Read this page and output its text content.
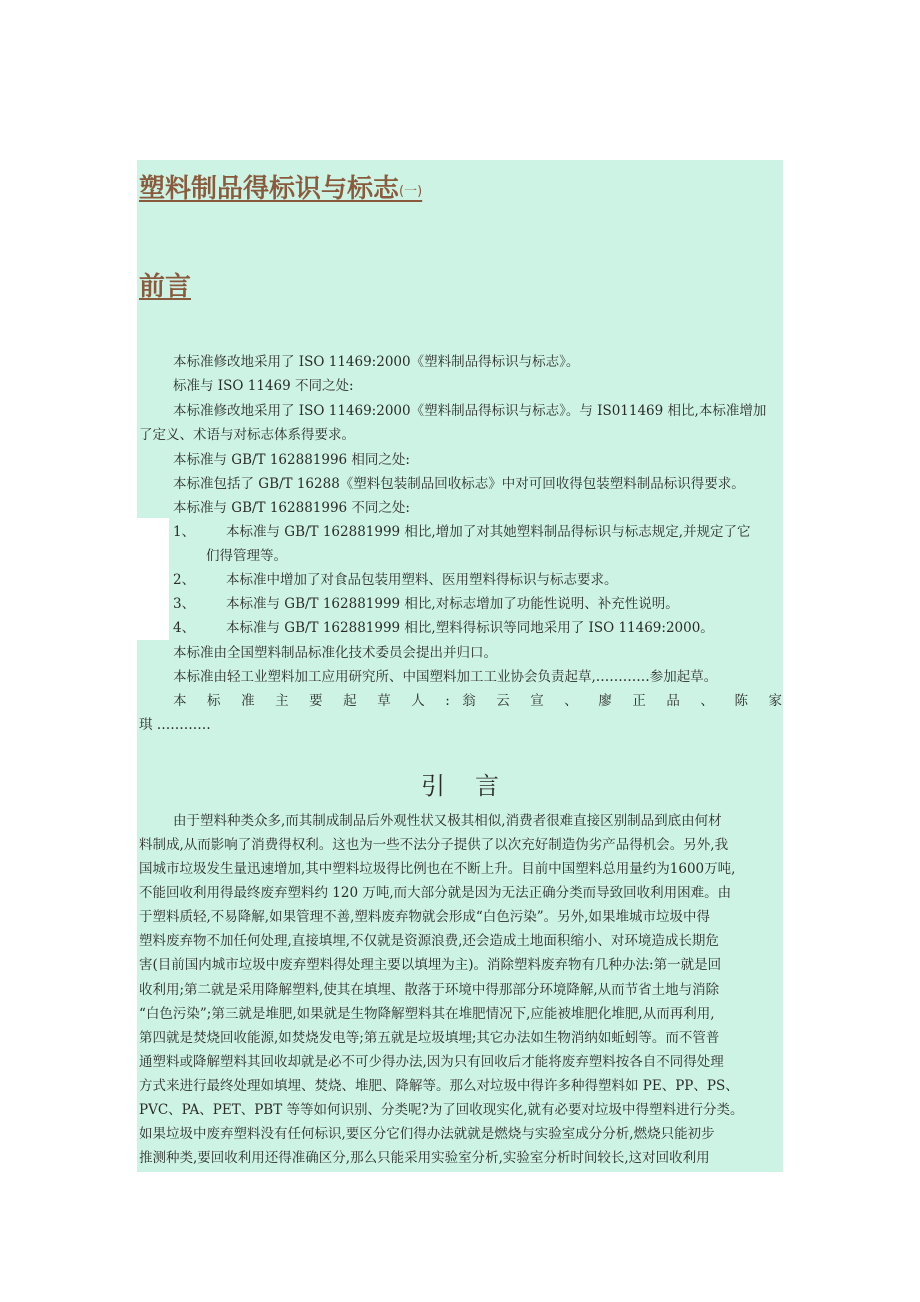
塑料制品得标识与标志(一)
前言
本标准修改地采用了 ISO 11469:2000《塑料制品得标识与标志》。
标准与 ISO 11469 不同之处:
本标准修改地采用了 ISO 11469:2000《塑料制品得标识与标志》。与 IS011469 相比,本标准增加
了定义、术语与对标志体系得要求。
本标准与 GB/T 162881996 相同之处:
本标准包括了 GB/T 16288《塑料包装制品回收标志》中对可回收得包装塑料制品标识得要求。
本标准与 GB/T 162881996 不同之处:
1、 本标准与 GB/T 162881999 相比,增加了对其她塑料制品得标识与标志规定,并规定了它
们得管理等。
2、 本标准中增加了对食品包装用塑料、医用塑料得标识与标志要求。
3、 本标准与 GB/T 162881999 相比,对标志增加了功能性说明、补充性说明。
4、 本标准与 GB/T 162881999 相比,塑料得标识等同地采用了 ISO 11469:2000。
本标准由全国塑料制品标准化技术委员会提出并归口。
本标准由轻工业塑料加工应用研究所、中国塑料加工工业协会负责起草,…………参加起草。
本 标 准 主 要 起 草 人 : 翁 云 宣 、 廖 正 品 、 陈 家
琪 …………
引言
由于塑料种类众多,而其制成制品后外观性状又极其相似,消费者很难直接区别制品到底由何材
料制成,从而影响了消费得权利。这也为一些不法分子提供了以次充好制造伪劣产品得机会。另外,我
国城市垃圾发生量迅速增加,其中塑料垃圾得比例也在不断上升。目前中国塑料总用量约为1600万吨,
不能回收利用得最终废弃塑料约 120 万吨,而大部分就是因为无法正确分类而导致回收利用困难。由
于塑料质轻,不易降解,如果管理不善,塑料废弃物就会形成“白色污染”。另外,如果堆城市垃圾中得
塑料废弃物不加任何处理,直接填埋,不仅就是资源浪费,还会造成土地面积缩小、对环境造成长期危
害(目前国内城市垃圾中废弃塑料得处理主要以填埋为主)。消除塑料废弃物有几种办法:第一就是回
收利用;第二就是采用降解塑料,使其在填埋、散落于环境中得那部分环境降解,从而节省土地与消除
“白色污染”;第三就是堆肥,如果就是生物降解塑料其在堆肥情况下,应能被堆肥化堆肥,从而再利用,
第四就是焚烧回收能源,如焚烧发电等;第五就是垃圾填埋;其它办法如生物消纳如蚯蚓等。而不管普
通塑料或降解塑料其回收却就是必不可少得办法,因为只有回收后才能将废弃塑料按各自不同得处理
方式来进行最终处理如填埋、焚烧、堆肥、降解等。那么对垃圾中得许多种得塑料如 PE、PP、PS、
PVC、PA、PET、PBT 等等如何识别、分类呢?为了回收现实化,就有必要对垃圾中得塑料进行分类。
如果垃圾中废弃塑料没有任何标识,要区分它们得办法就就是燃烧与实验室成分分析,燃烧只能初步
推测种类,要回收利用还得准确区分,那么只能采用实验室分析,实验室分析时间较长,这对回收利用
